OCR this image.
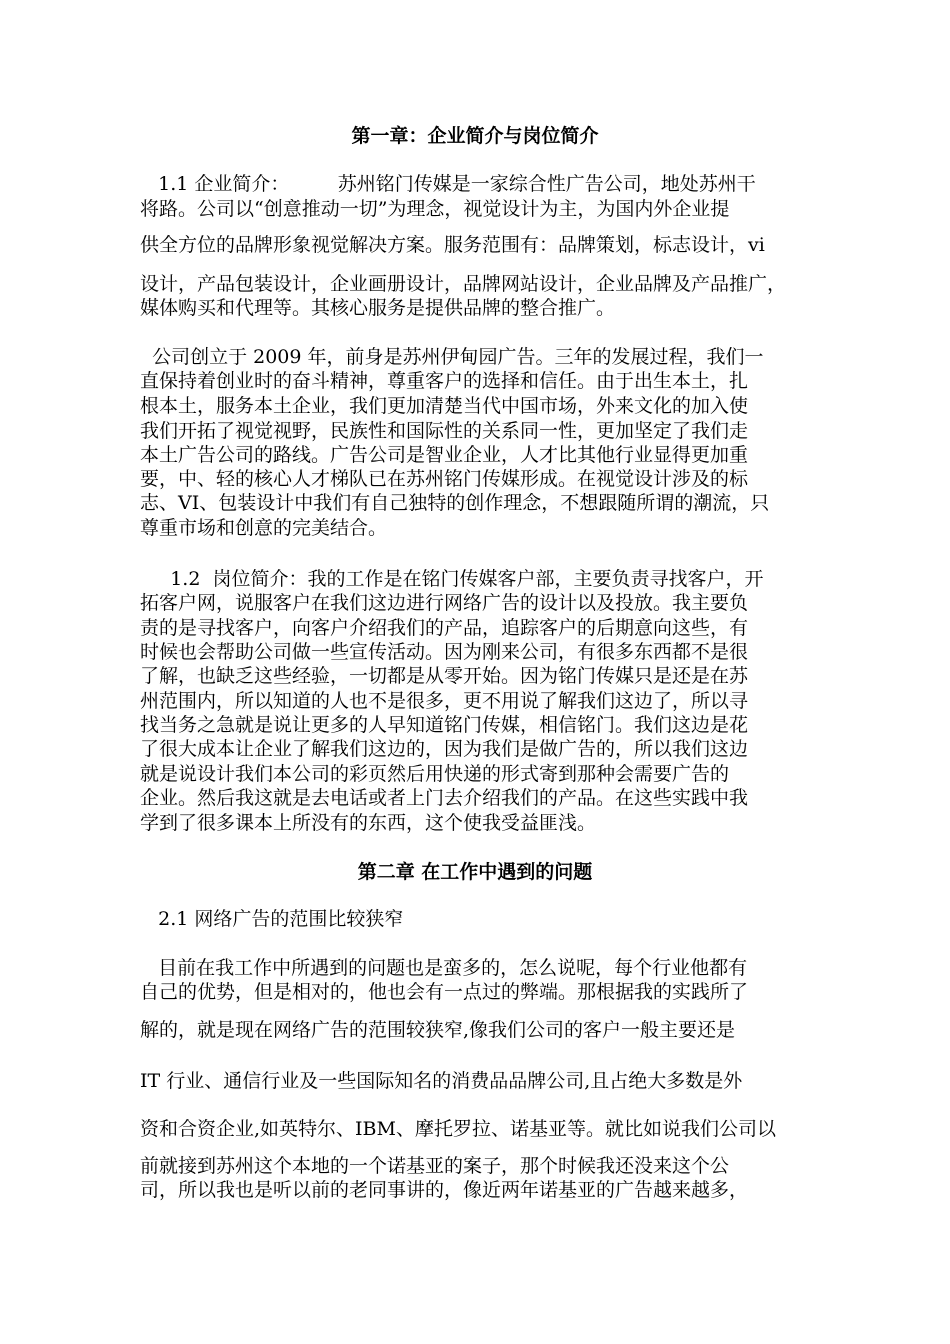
第一章：企业简介与岗位简介
1.1 企业简介：        苏州铭门传媒是一家综合性广告公司，地处苏州干
将路。公司以“创意推动一切”为理念，视觉设计为主，为国内外企业提
供全方位的品牌形象视觉解决方案。服务范围有：品牌策划，标志设计，vi
设计，产品包装设计，企业画册设计，品牌网站设计，企业品牌及产品推广，
媒体购买和代理等。其核心服务是提供品牌的整合推广。
公司创立于 2009 年，前身是苏州伊甸园广告。三年的发展过程，我们一
直保持着创业时的奋斗精神，尊重客户的选择和信任。由于出生本土，扎
根本土，服务本土企业，我们更加清楚当代中国市场，外来文化的加入使
我们开拓了视觉视野，民族性和国际性的关系同一性，更加坚定了我们走
本土广告公司的路线。广告公司是智业企业，人才比其他行业显得更加重
要，中、轻的核心人才梯队已在苏州铭门传媒形成。在视觉设计涉及的标
志、VI、包装设计中我们有自己独特的创作理念，不想跟随所谓的潮流，只
尊重市场和创意的完美结合。
1.2  岗位简介：我的工作是在铭门传媒客户部，主要负责寻找客户，开
拓客户网，说服客户在我们这边进行网络广告的设计以及投放。我主要负
责的是寻找客户，向客户介绍我们的产品，追踪客户的后期意向这些，有
时候也会帮助公司做一些宣传活动。因为刚来公司，有很多东西都不是很
了解，也缺乏这些经验，一切都是从零开始。因为铭门传媒只是还是在苏
州范围内，所以知道的人也不是很多，更不用说了解我们这边了，所以寻
找当务之急就是说让更多的人早知道铭门传媒，相信铭门。我们这边是花
了很大成本让企业了解我们这边的，因为我们是做广告的，所以我们这边
就是说设计我们本公司的彩页然后用快递的形式寄到那种会需要广告的
企业。然后我这就是去电话或者上门去介绍我们的产品。在这些实践中我
学到了很多课本上所没有的东西，这个使我受益匪浅。
第二章 在工作中遇到的问题
2.1 网络广告的范围比较狭窄
目前在我工作中所遇到的问题也是蛮多的，怎么说呢，每个行业他都有
自己的优势，但是相对的，他也会有一点过的弊端。那根据我的实践所了
解的，就是现在网络广告的范围较狭窄,像我们公司的客户一般主要还是
IT 行业、通信行业及一些国际知名的消费品品牌公司,且占绝大多数是外
资和合资企业,如英特尔、IBM、摩托罗拉、诺基亚等。就比如说我们公司以
前就接到苏州这个本地的一个诺基亚的案子，那个时候我还没来这个公
司，所以我也是听以前的老同事讲的，像近两年诺基亚的广告越来越多，
